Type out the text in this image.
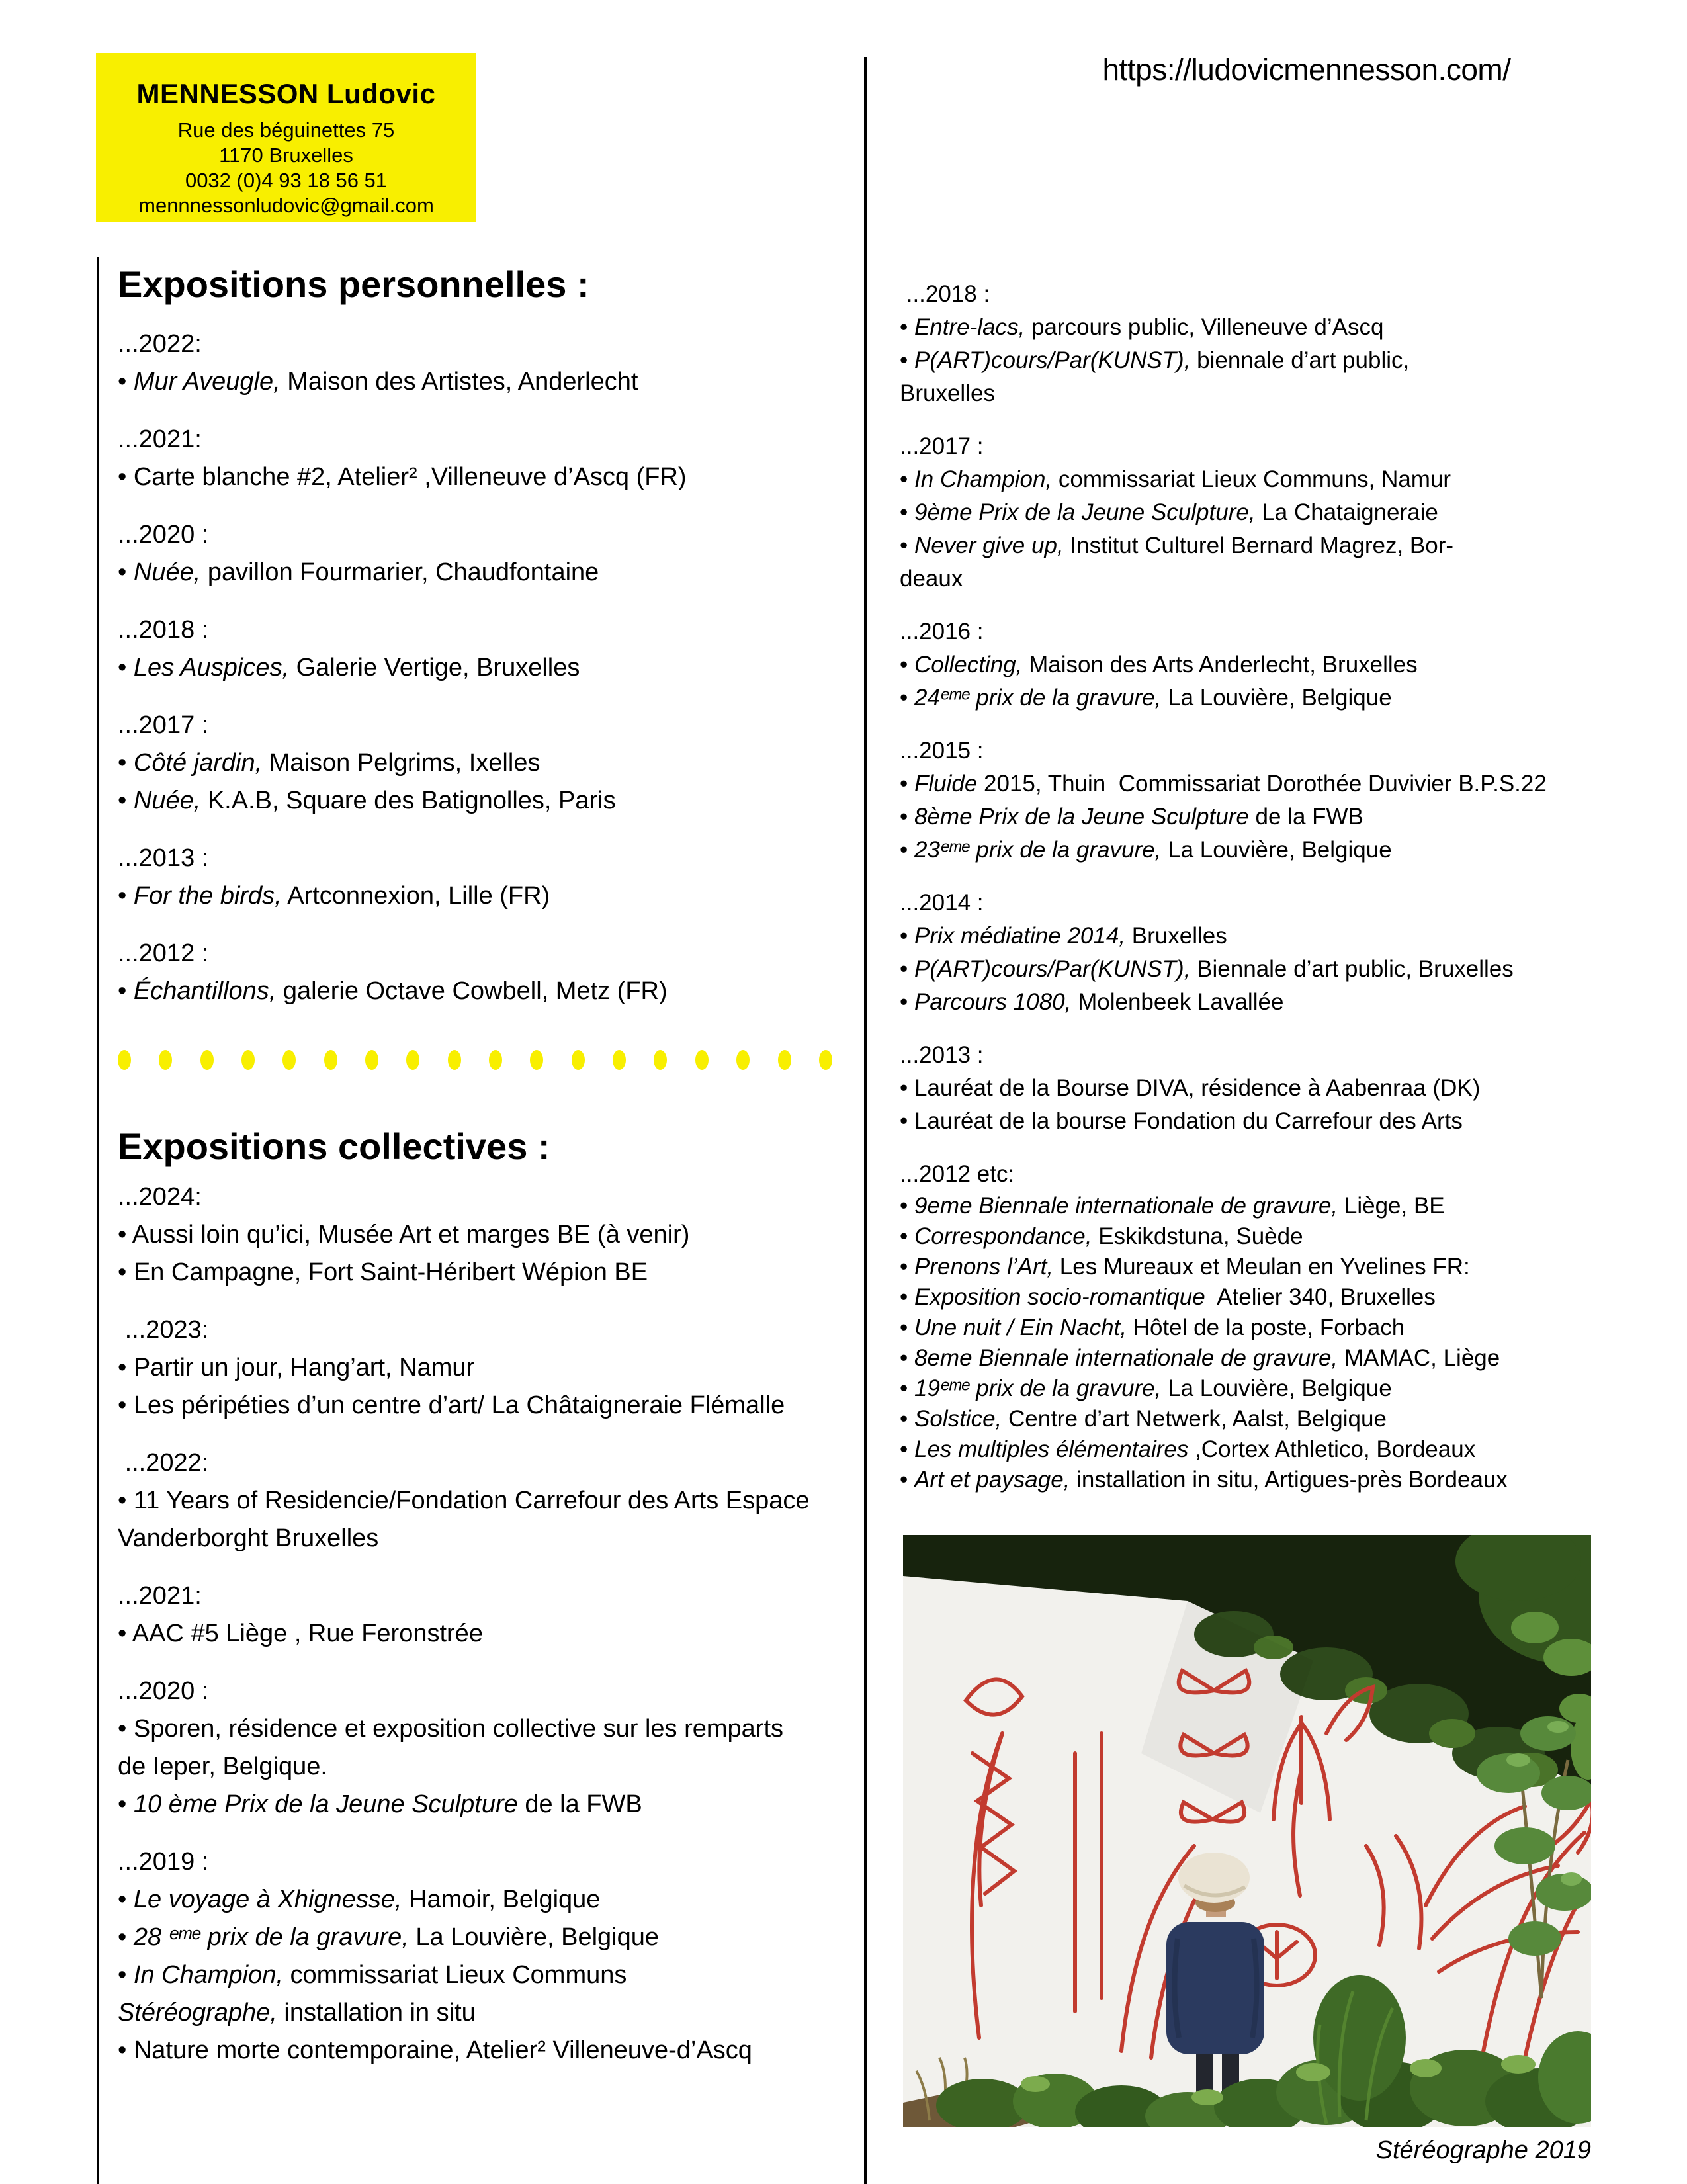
MENNESSON Ludovic
Rue des béguinettes 75
1170 Bruxelles
0032 (0)4 93 18 56 51
mennnessonludovic@gmail.com
https://ludovicmennesson.com/
Expositions personnelles :
...2022:
• Mur Aveugle, Maison des Artistes, Anderlecht
...2021:
• Carte blanche #2, Atelier² ,Villeneuve d’Ascq (FR)
...2020 :
• Nuée, pavillon Fourmarier, Chaudfontaine
...2018 :
• Les Auspices, Galerie Vertige, Bruxelles
...2017 :
• Côté jardin, Maison Pelgrims, Ixelles
• Nuée, K.A.B, Square des Batignolles, Paris
...2013 :
• For the birds, Artconnexion, Lille (FR)
...2012 :
• Échantillons, galerie Octave Cowbell, Metz (FR)
Expositions collectives :
...2024:
• Aussi loin qu’ici, Musée Art et marges BE (à venir)
• En Campagne, Fort Saint-Héribert Wépion BE
...2023:
• Partir un jour, Hang’art, Namur
• Les péripéties d’un centre d’art/ La Châtaigneraie Flémalle
...2022:
• 11 Years of Residencie/Fondation Carrefour des Arts Espace
Vanderborght Bruxelles
...2021:
• AAC #5 Liège , Rue Feronstrée
...2020 :
• Sporen, résidence et exposition collective sur les remparts
de Ieper, Belgique.
• 10 ème Prix de la Jeune Sculpture de la FWB
...2019 :
• Le voyage à Xhignesse, Hamoir, Belgique
• 28 ᵉᵐᵉ prix de la gravure, La Louvière, Belgique
• In Champion, commissariat Lieux Communs
Stéréographe, installation in situ
• Nature morte contemporaine, Atelier² Villeneuve-d’Ascq
...2018 :
• Entre-lacs, parcours public, Villeneuve d’Ascq
• P(ART)cours/Par(KUNST), biennale d’art public,
Bruxelles
...2017 :
• In Champion, commissariat Lieux Communs, Namur
• 9ème Prix de la Jeune Sculpture, La Chataigneraie
• Never give up, Institut Culturel Bernard Magrez, Bor-
deaux
...2016 :
• Collecting, Maison des Arts Anderlecht, Bruxelles
• 24ᵉᵐᵉ prix de la gravure, La Louvière, Belgique
...2015 :
• Fluide 2015, Thuin  Commissariat Dorothée Duvivier B.P.S.22
• 8ème Prix de la Jeune Sculpture de la FWB
• 23ᵉᵐᵉ prix de la gravure, La Louvière, Belgique
...2014 :
• Prix médiatine 2014, Bruxelles
• P(ART)cours/Par(KUNST), Biennale d’art public, Bruxelles
• Parcours 1080, Molenbeek Lavallée
...2013 :
• Lauréat de la Bourse DIVA, résidence à Aabenraa (DK)
• Lauréat de la bourse Fondation du Carrefour des Arts
...2012 etc:
• 9eme Biennale internationale de gravure, Liège, BE
• Correspondance, Eskikdstuna, Suède
• Prenons l’Art, Les Mureaux et Meulan en Yvelines FR:
• Exposition socio-romantique  Atelier 340, Bruxelles
• Une nuit / Ein Nacht, Hôtel de la poste, Forbach
• 8eme Biennale internationale de gravure, MAMAC, Liège
• 19ᵉᵐᵉ prix de la gravure, La Louvière, Belgique
• Solstice, Centre d’art Netwerk, Aalst, Belgique
• Les multiples élémentaires ,Cortex Athletico, Bordeaux
• Art et paysage, installation in situ, Artigues-près Bordeaux
Stéréographe 2019
